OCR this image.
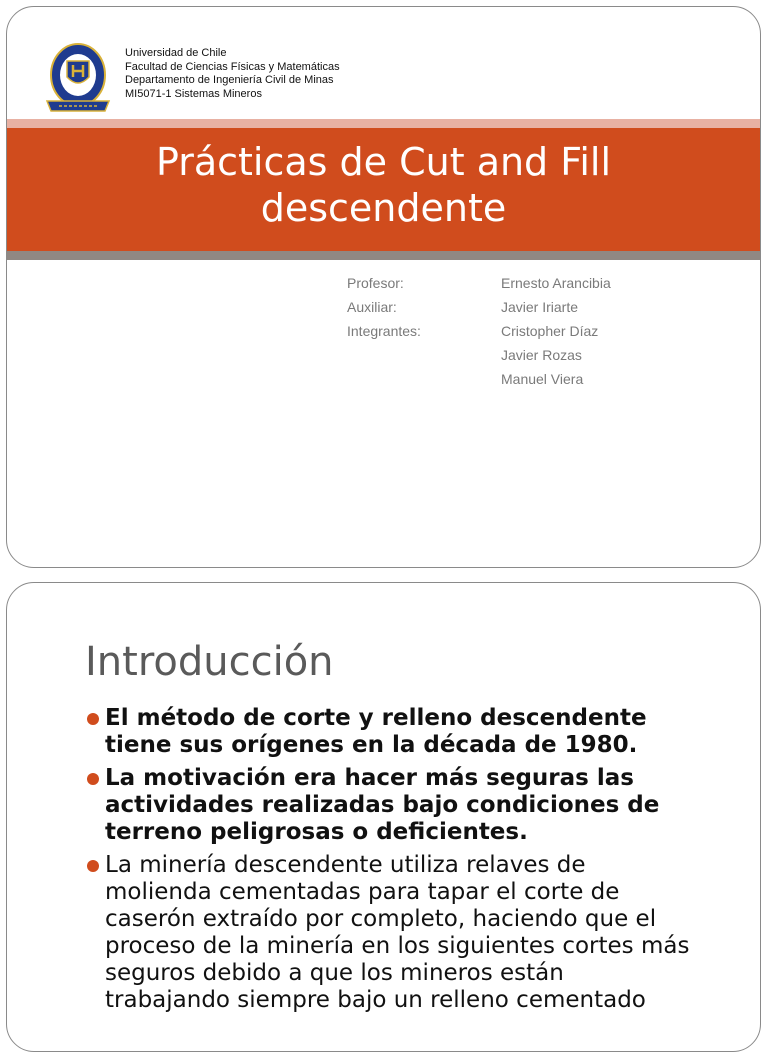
Universidad de Chile
Facultad de Ciencias Físicas y Matemáticas
Departamento de Ingeniería Civil de Minas
MI5071-1 Sistemas Mineros
Prácticas de Cut and Fill
descendente
Profesor:
Auxiliar:
Integrantes:
Ernesto Arancibia
Javier Iriarte
Cristopher Díaz
Javier Rozas
Manuel Viera
Introducción
El método de corte y relleno descendente tiene sus orígenes en la década de 1980.
La motivación era hacer más seguras las actividades realizadas bajo condiciones de terreno peligrosas o deficientes.
La minería descendente utiliza relaves de molienda cementadas para tapar el corte de caserón extraído por completo, haciendo que el proceso de la minería en los siguientes cortes más seguros debido a que los mineros están trabajando siempre bajo un relleno cementado
